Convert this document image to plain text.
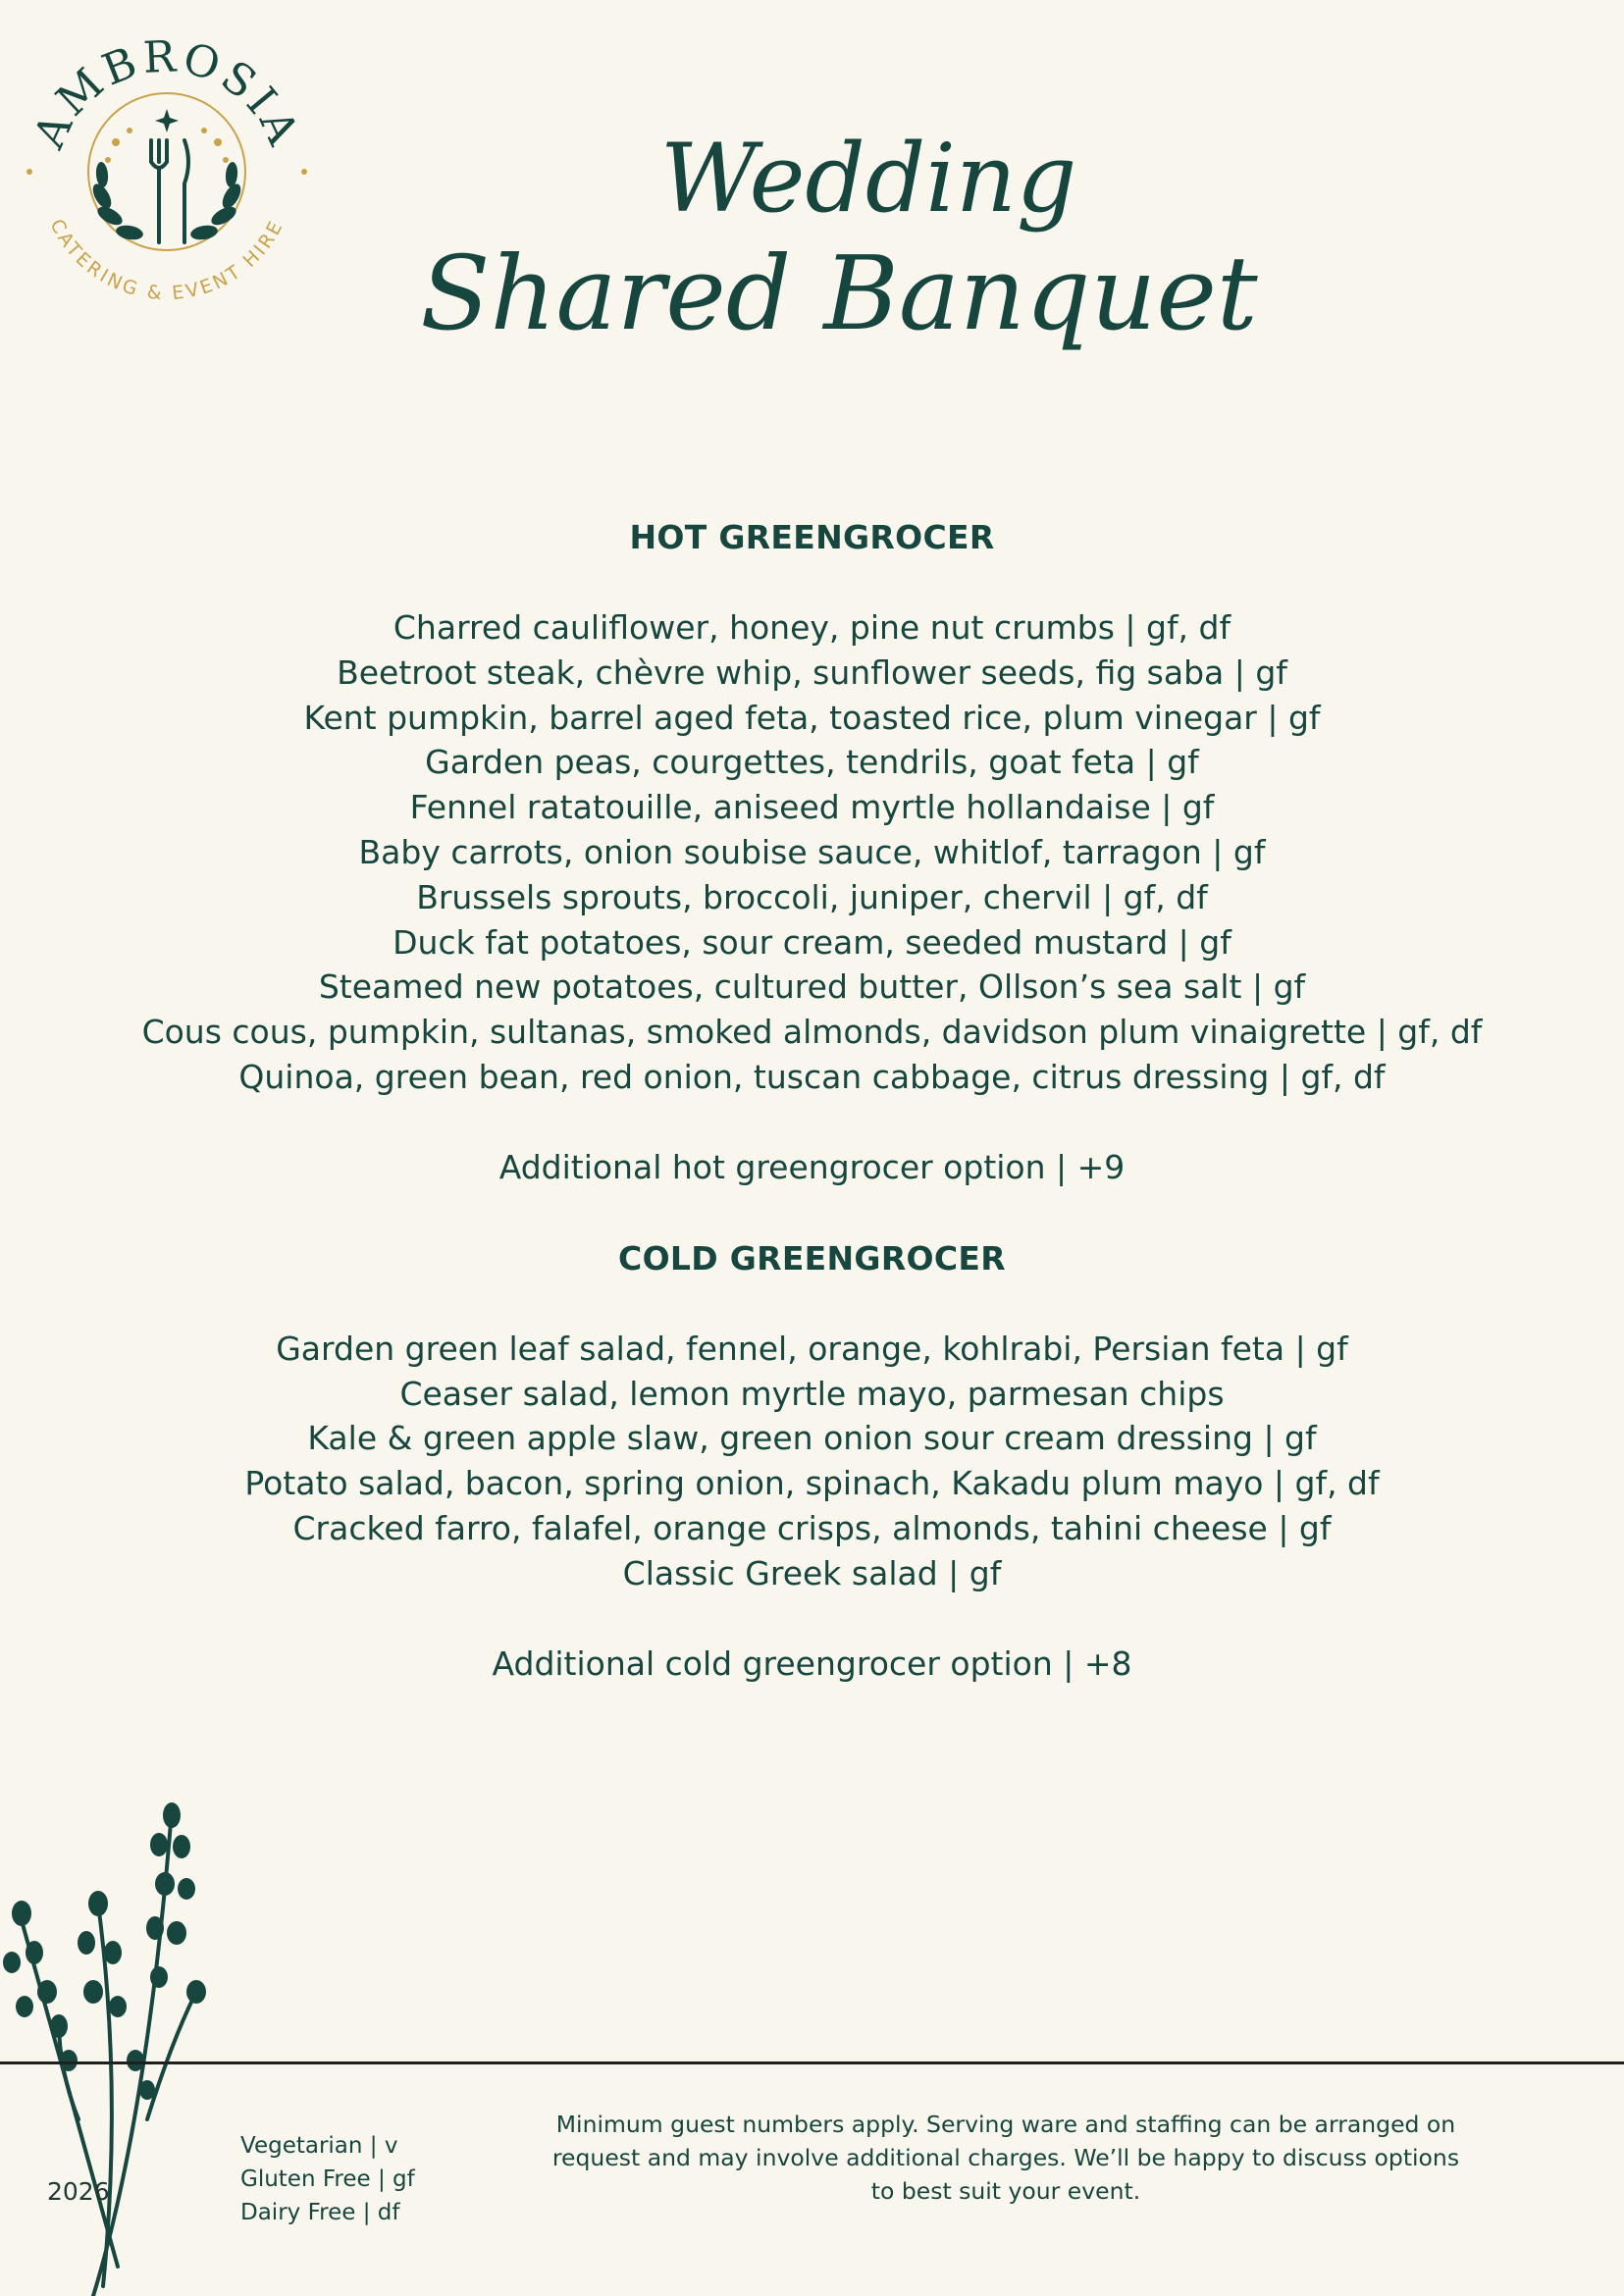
AMBROSIA
CATERING & EVENT HIRE	Wedding
Shared Banquet
HOT GREENGROCER
Charred cauliflower, honey, pine nut crumbs | gf, df
Beetroot steak, chèvre whip, sunflower seeds, fig saba | gf
Kent pumpkin, barrel aged feta, toasted rice, plum vinegar | gf
Garden peas, courgettes, tendrils, goat feta | gf
Fennel ratatouille, aniseed myrtle hollandaise | gf
Baby carrots, onion soubise sauce, whitlof, tarragon | gf
Brussels sprouts, broccoli, juniper, chervil | gf, df
Duck fat potatoes, sour cream, seeded mustard | gf
Steamed new potatoes, cultured butter, Ollson’s sea salt | gf
Cous cous, pumpkin, sultanas, smoked almonds, davidson plum vinaigrette | gf, df
Quinoa, green bean, red onion, tuscan cabbage, citrus dressing | gf, df

Additional hot greengrocer option | +9

COLD GREENGROCER
Garden green leaf salad, fennel, orange, kohlrabi, Persian feta | gf
Ceaser salad, lemon myrtle mayo, parmesan chips
Kale & green apple slaw, green onion sour cream dressing | gf
Potato salad, bacon, spring onion, spinach, Kakadu plum mayo | gf, df
Cracked farro, falafel, orange crisps, almonds, tahini cheese | gf
Classic Greek salad | gf

Additional cold greengrocer option | +8

2026
Vegetarian | v
Gluten Free | gf
Dairy Free | df
Minimum guest numbers apply. Serving ware and staffing can be arranged on request and may involve additional charges. We’ll be happy to discuss options to best suit your event.
